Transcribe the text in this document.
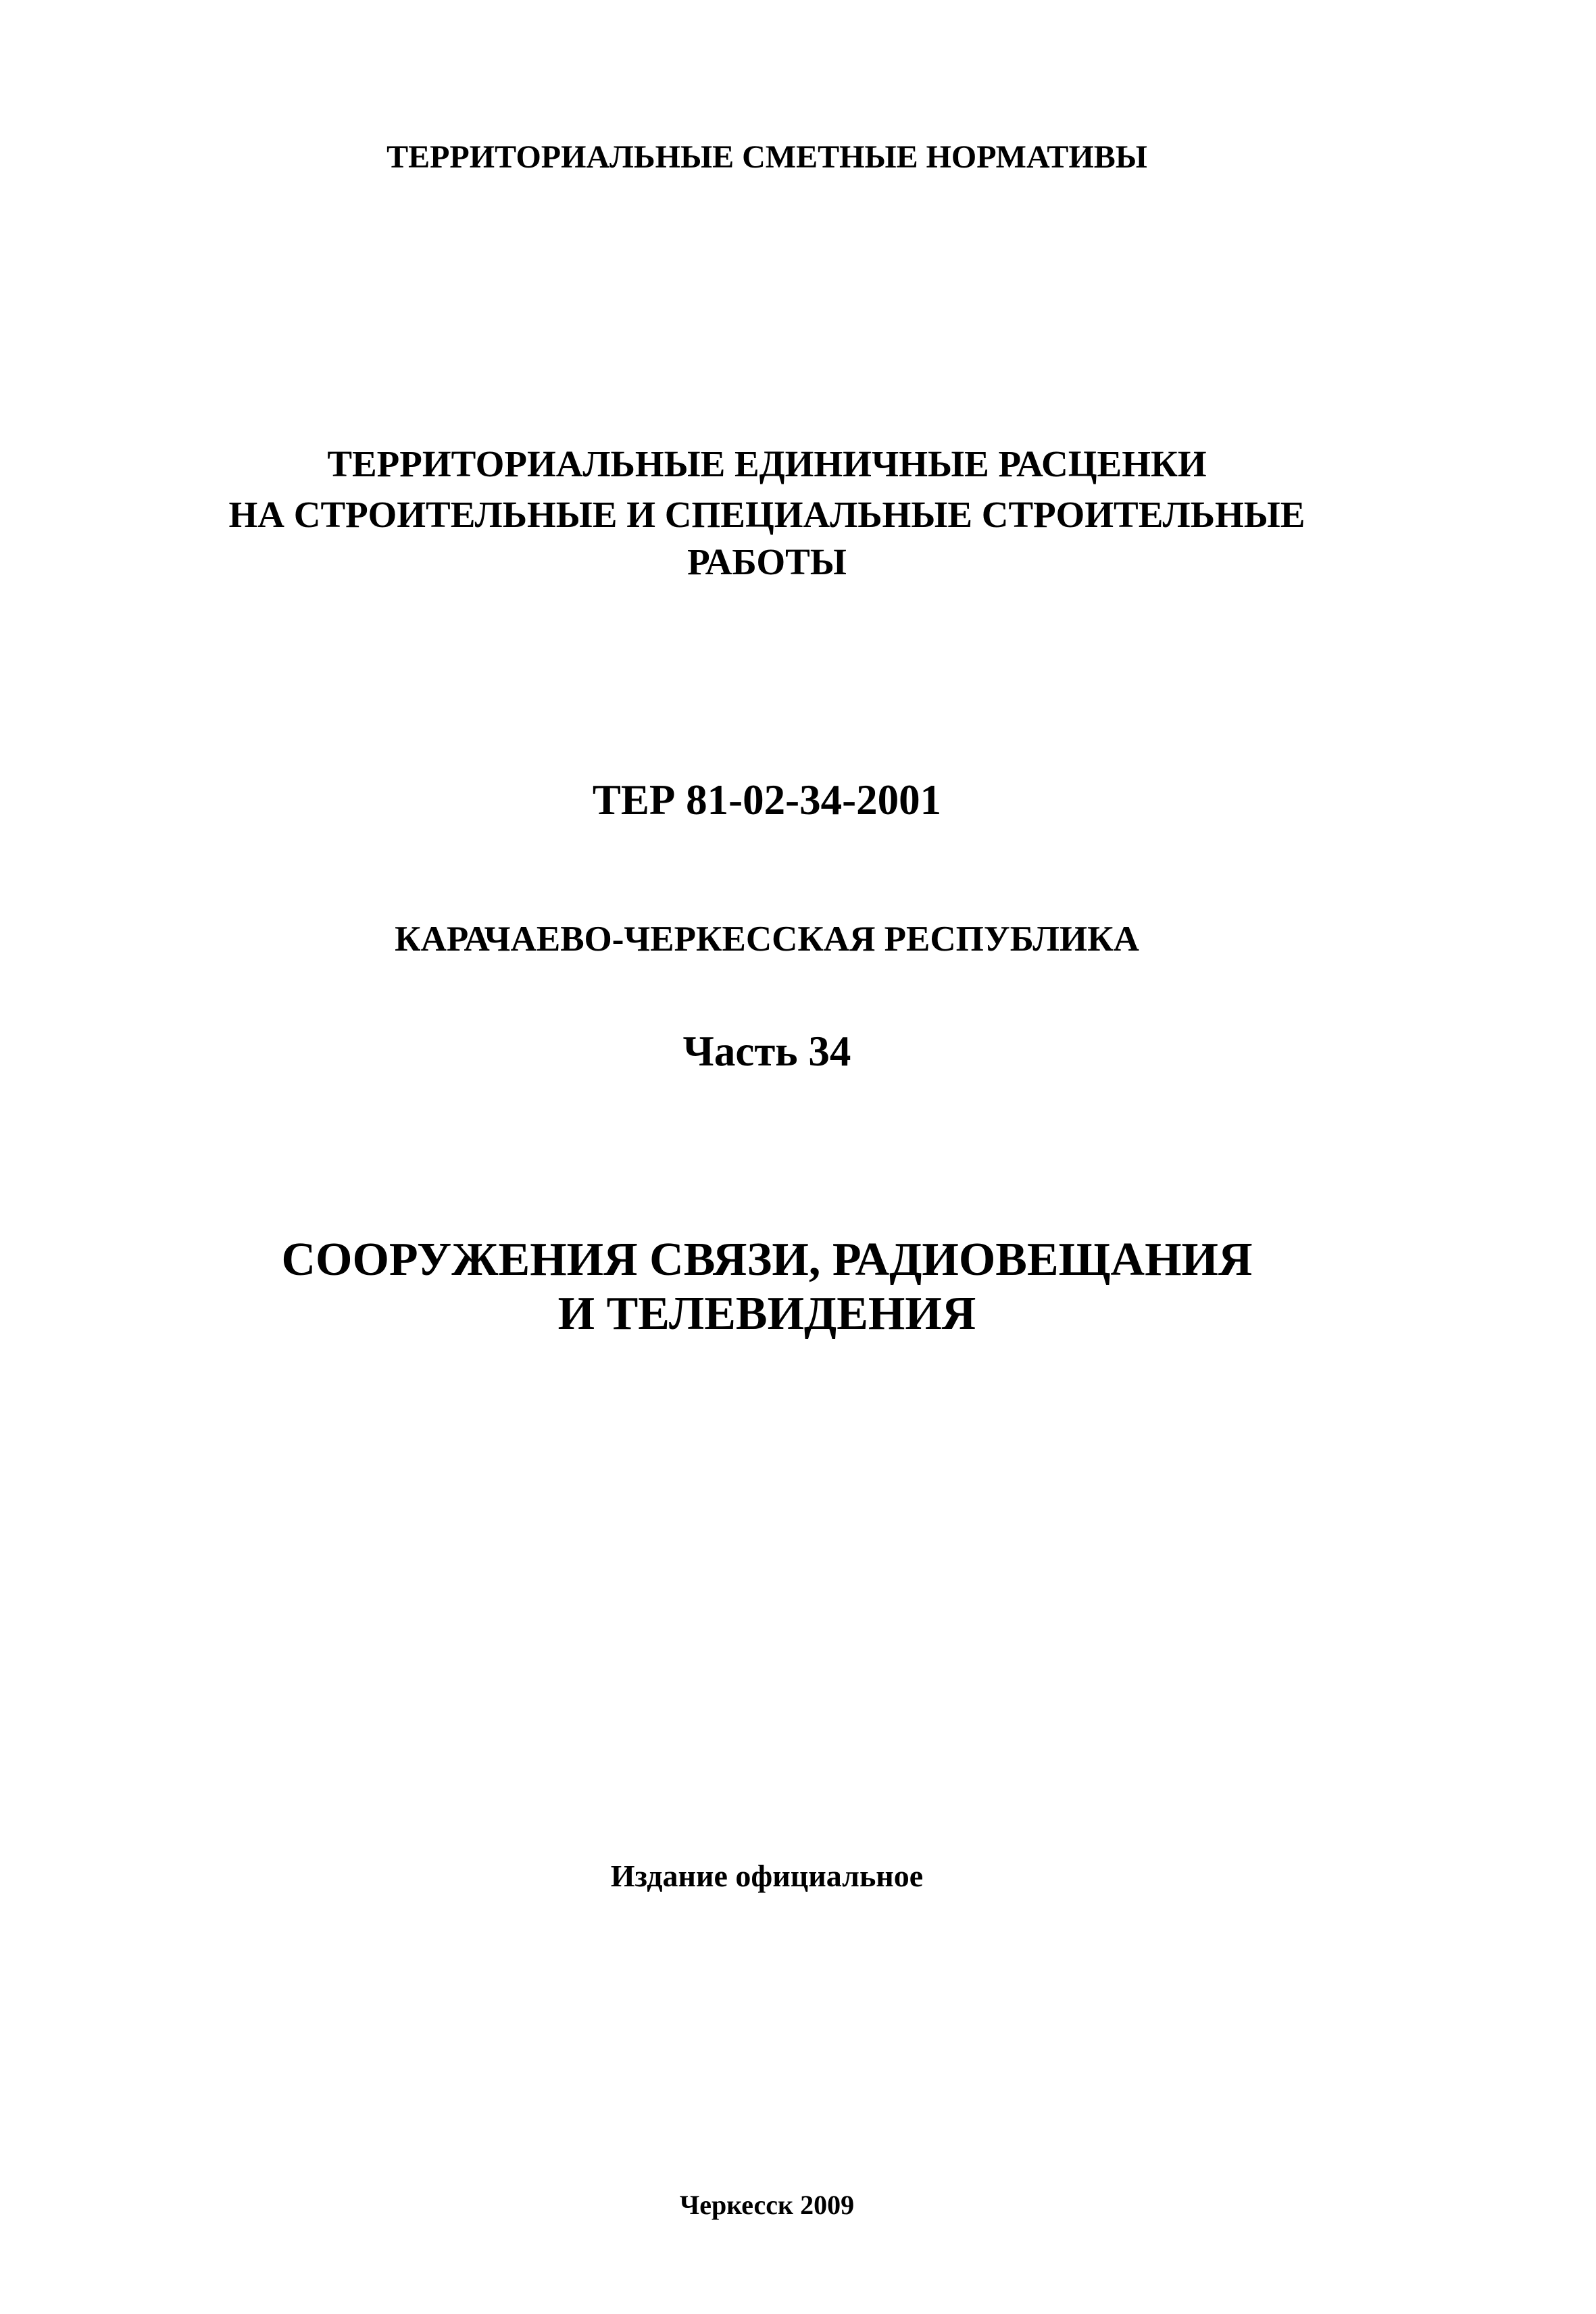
ТЕРРИТОРИАЛЬНЫЕ СМЕТНЫЕ НОРМАТИВЫ
ТЕРРИТОРИАЛЬНЫЕ ЕДИНИЧНЫЕ РАСЦЕНКИ
НА СТРОИТЕЛЬНЫЕ И СПЕЦИАЛЬНЫЕ СТРОИТЕЛЬНЫЕ
РАБОТЫ
ТЕР 81-02-34-2001
КАРАЧАЕВО-ЧЕРКЕССКАЯ РЕСПУБЛИКА
Часть 34
СООРУЖЕНИЯ СВЯЗИ, РАДИОВЕЩАНИЯ
И ТЕЛЕВИДЕНИЯ
Издание официальное
Черкесск 2009
